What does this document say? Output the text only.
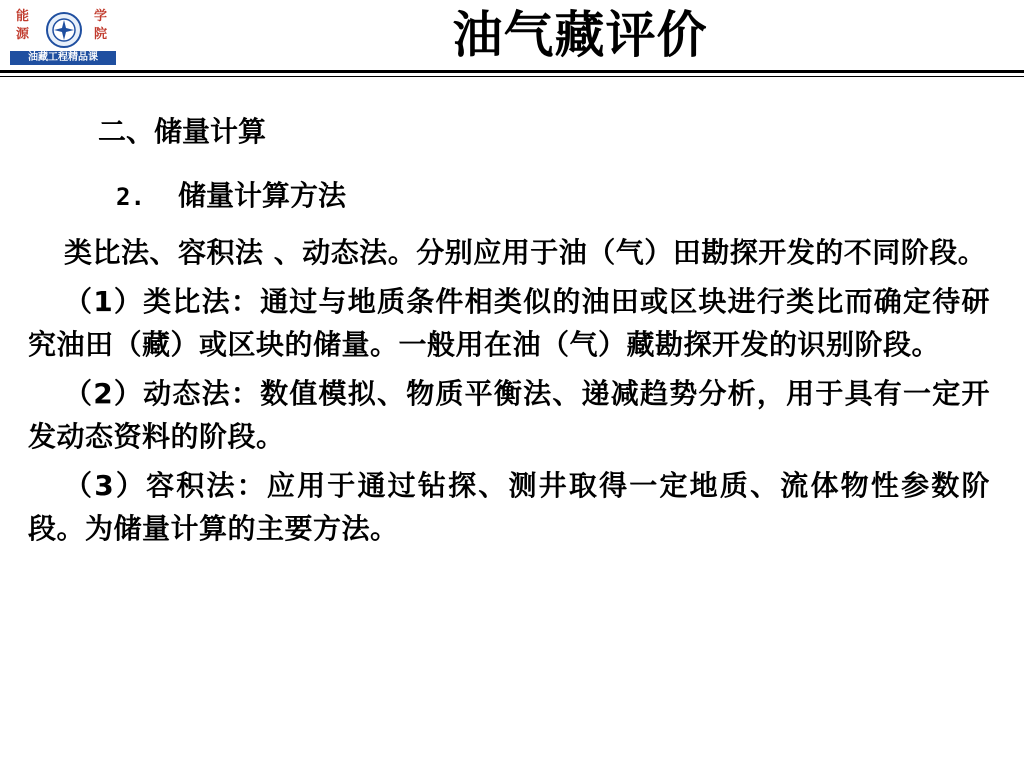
能	学
源	院
油藏工程精品课	油气藏评价
二、储量计算
2. 储量计算方法
类比法、容积法 、动态法。分别应用于油（气）田勘探开发的不同阶段。
（1）类比法：通过与地质条件相类似的油田或区块进行类比而确定待研究油田（藏）或区块的储量。一般用在油（气）藏勘探开发的识别阶段。
（2）动态法：数值模拟、物质平衡法、递减趋势分析，用于具有一定开发动态资料的阶段。
（3）容积法：应用于通过钻探、测井取得一定地质、流体物性参数阶段。为储量计算的主要方法。
